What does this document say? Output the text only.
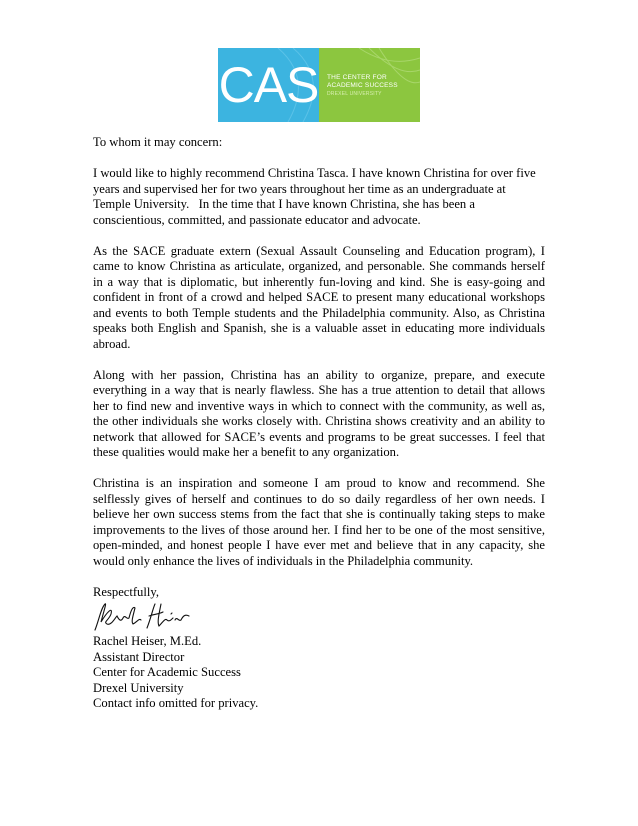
CAS THE CENTER FOR
ACADEMIC SUCCESS
DREXEL UNIVERSITY

To whom it may concern:

I would like to highly recommend Christina Tasca. I have known Christina for over five
years and supervised her for two years throughout her time as an undergraduate at
Temple University.   In the time that I have known Christina, she has been a
conscientious, committed, and passionate educator and advocate.

As the SACE graduate extern (Sexual Assault Counseling and Education program), I came to know Christina as articulate, organized, and personable. She commands herself in a way that is diplomatic, but inherently fun-loving and kind. She is easy-going and confident in front of a crowd and helped SACE to present many educational workshops and events to both Temple students and the Philadelphia community. Also, as Christina speaks both English and Spanish, she is a valuable asset in educating more individuals abroad.

Along with her passion, Christina has an ability to organize, prepare, and execute everything in a way that is nearly flawless. She has a true attention to detail that allows her to find new and inventive ways in which to connect with the community, as well as, the other individuals she works closely with. Christina shows creativity and an ability to network that allowed for SACE’s events and programs to be great successes. I feel that these qualities would make her a benefit to any organization.

Christina is an inspiration and someone I am proud to know and recommend. She selflessly gives of herself and continues to do so daily regardless of her own needs. I believe her own success stems from the fact that she is continually taking steps to make improvements to the lives of those around her. I find her to be one of the most sensitive, open-minded, and honest people I have ever met and believe that in any capacity, she would only enhance the lives of individuals in the Philadelphia community.

Respectfully,
Rachel Heiser, M.Ed.
Assistant Director
Center for Academic Success
Drexel University
Contact info omitted for privacy.
